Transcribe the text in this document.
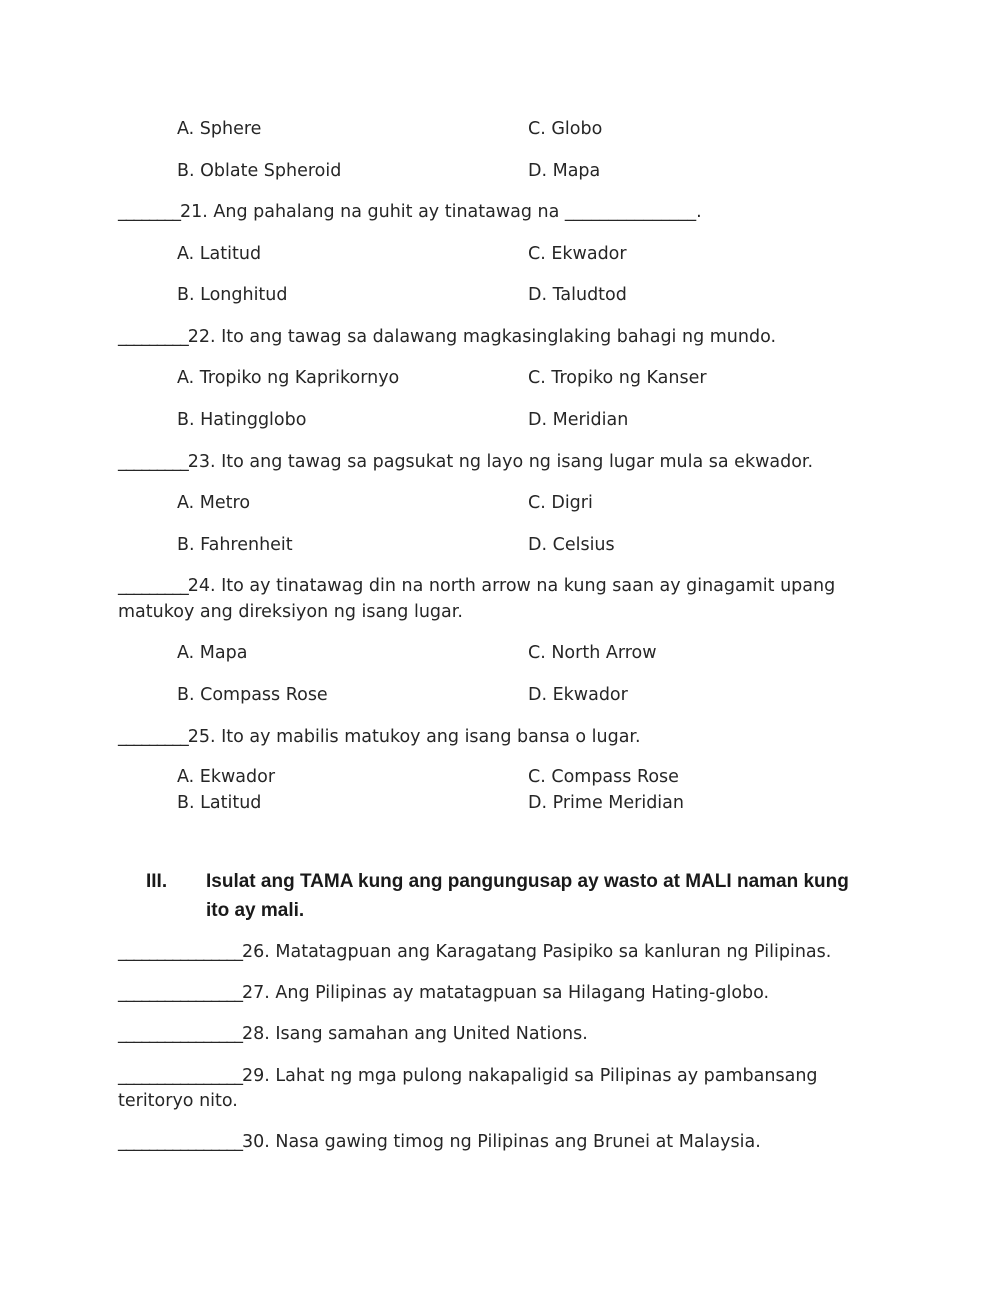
A. Sphere	C. Globo
B. Oblate Spheroid	D. Mapa
________21. Ang pahalang na guhit ay tinatawag na _______________.
A. Latitud	C. Ekwador
B. Longhitud	D. Taludtod
_________22. Ito ang tawag sa dalawang magkasinglaking bahagi ng mundo.
A. Tropiko ng Kaprikornyo	C. Tropiko ng Kanser
B. Hatingglobo	D. Meridian
_________23. Ito ang tawag sa pagsukat ng layo ng isang lugar mula sa ekwador.
A. Metro	C. Digri
B. Fahrenheit	D. Celsius
_________24. Ito ay tinatawag din na north arrow na kung saan ay ginagamit upang
matukoy ang direksiyon ng isang lugar.
A. Mapa	C. North Arrow
B. Compass Rose	D. Ekwador
_________25. Ito ay mabilis matukoy ang isang bansa o lugar.
A. Ekwador	C. Compass Rose
B. Latitud	D. Prime Meridian
III. Isulat ang TAMA kung ang pangungusap ay wasto at MALI naman kung ito ay mali.
________________26. Matatagpuan ang Karagatang Pasipiko sa kanluran ng Pilipinas.
________________27. Ang Pilipinas ay matatagpuan sa Hilagang Hating-globo.
________________28. Isang samahan ang United Nations.
________________29. Lahat ng mga pulong nakapaligid sa Pilipinas ay pambansang
teritoryo nito.
________________30. Nasa gawing timog ng Pilipinas ang Brunei at Malaysia.
